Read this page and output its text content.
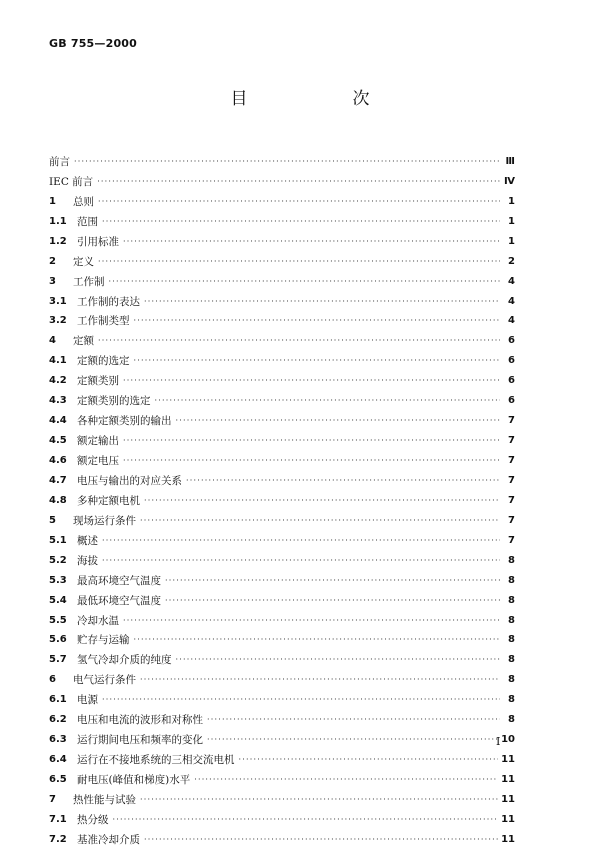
GB 755—2000
目　次
前言 ·····	Ⅲ
IEC 前言 ·····	Ⅳ
1	总则 ·····	1
1.1 范围 ·····	1
1.2 引用标准 ·····	1
2	定义 ·····	2
3	工作制 ·····	4
3.1 工作制的表达 ·····	4
3.2 工作制类型 ·····	4
4	定额 ·····	6
4.1 定额的选定 ·····	6
4.2 定额类别 ·····	6
4.3 定额类别的选定 ·····	6
4.4 各种定额类别的输出 ·····	7
4.5 额定输出 ·····	7
4.6 额定电压 ·····	7
4.7 电压与输出的对应关系 ·····	7
4.8 多种定额电机 ·····	7
5	现场运行条件 ·····	7
5.1 概述 ·····	7
5.2 海拔 ·····	8
5.3 最高环境空气温度 ·····	8
5.4 最低环境空气温度 ·····	8
5.5 冷却水温 ·····	8
5.6 贮存与运输 ·····	8
5.7 氢气冷却介质的纯度 ·····	8
6	电气运行条件 ·····	8
6.1 电源 ·····	8
6.2 电压和电流的波形和对称性 ·····	8
6.3 运行期间电压和频率的变化 ·····	10
6.4 运行在不接地系统的三相交流电机 ·····	11
6.5 耐电压(峰值和梯度)水平 ·····	11
7	热性能与试验 ·····	11
7.1 热分级 ·····	11
7.2 基准冷却介质 ·····	11
Ⅰ
